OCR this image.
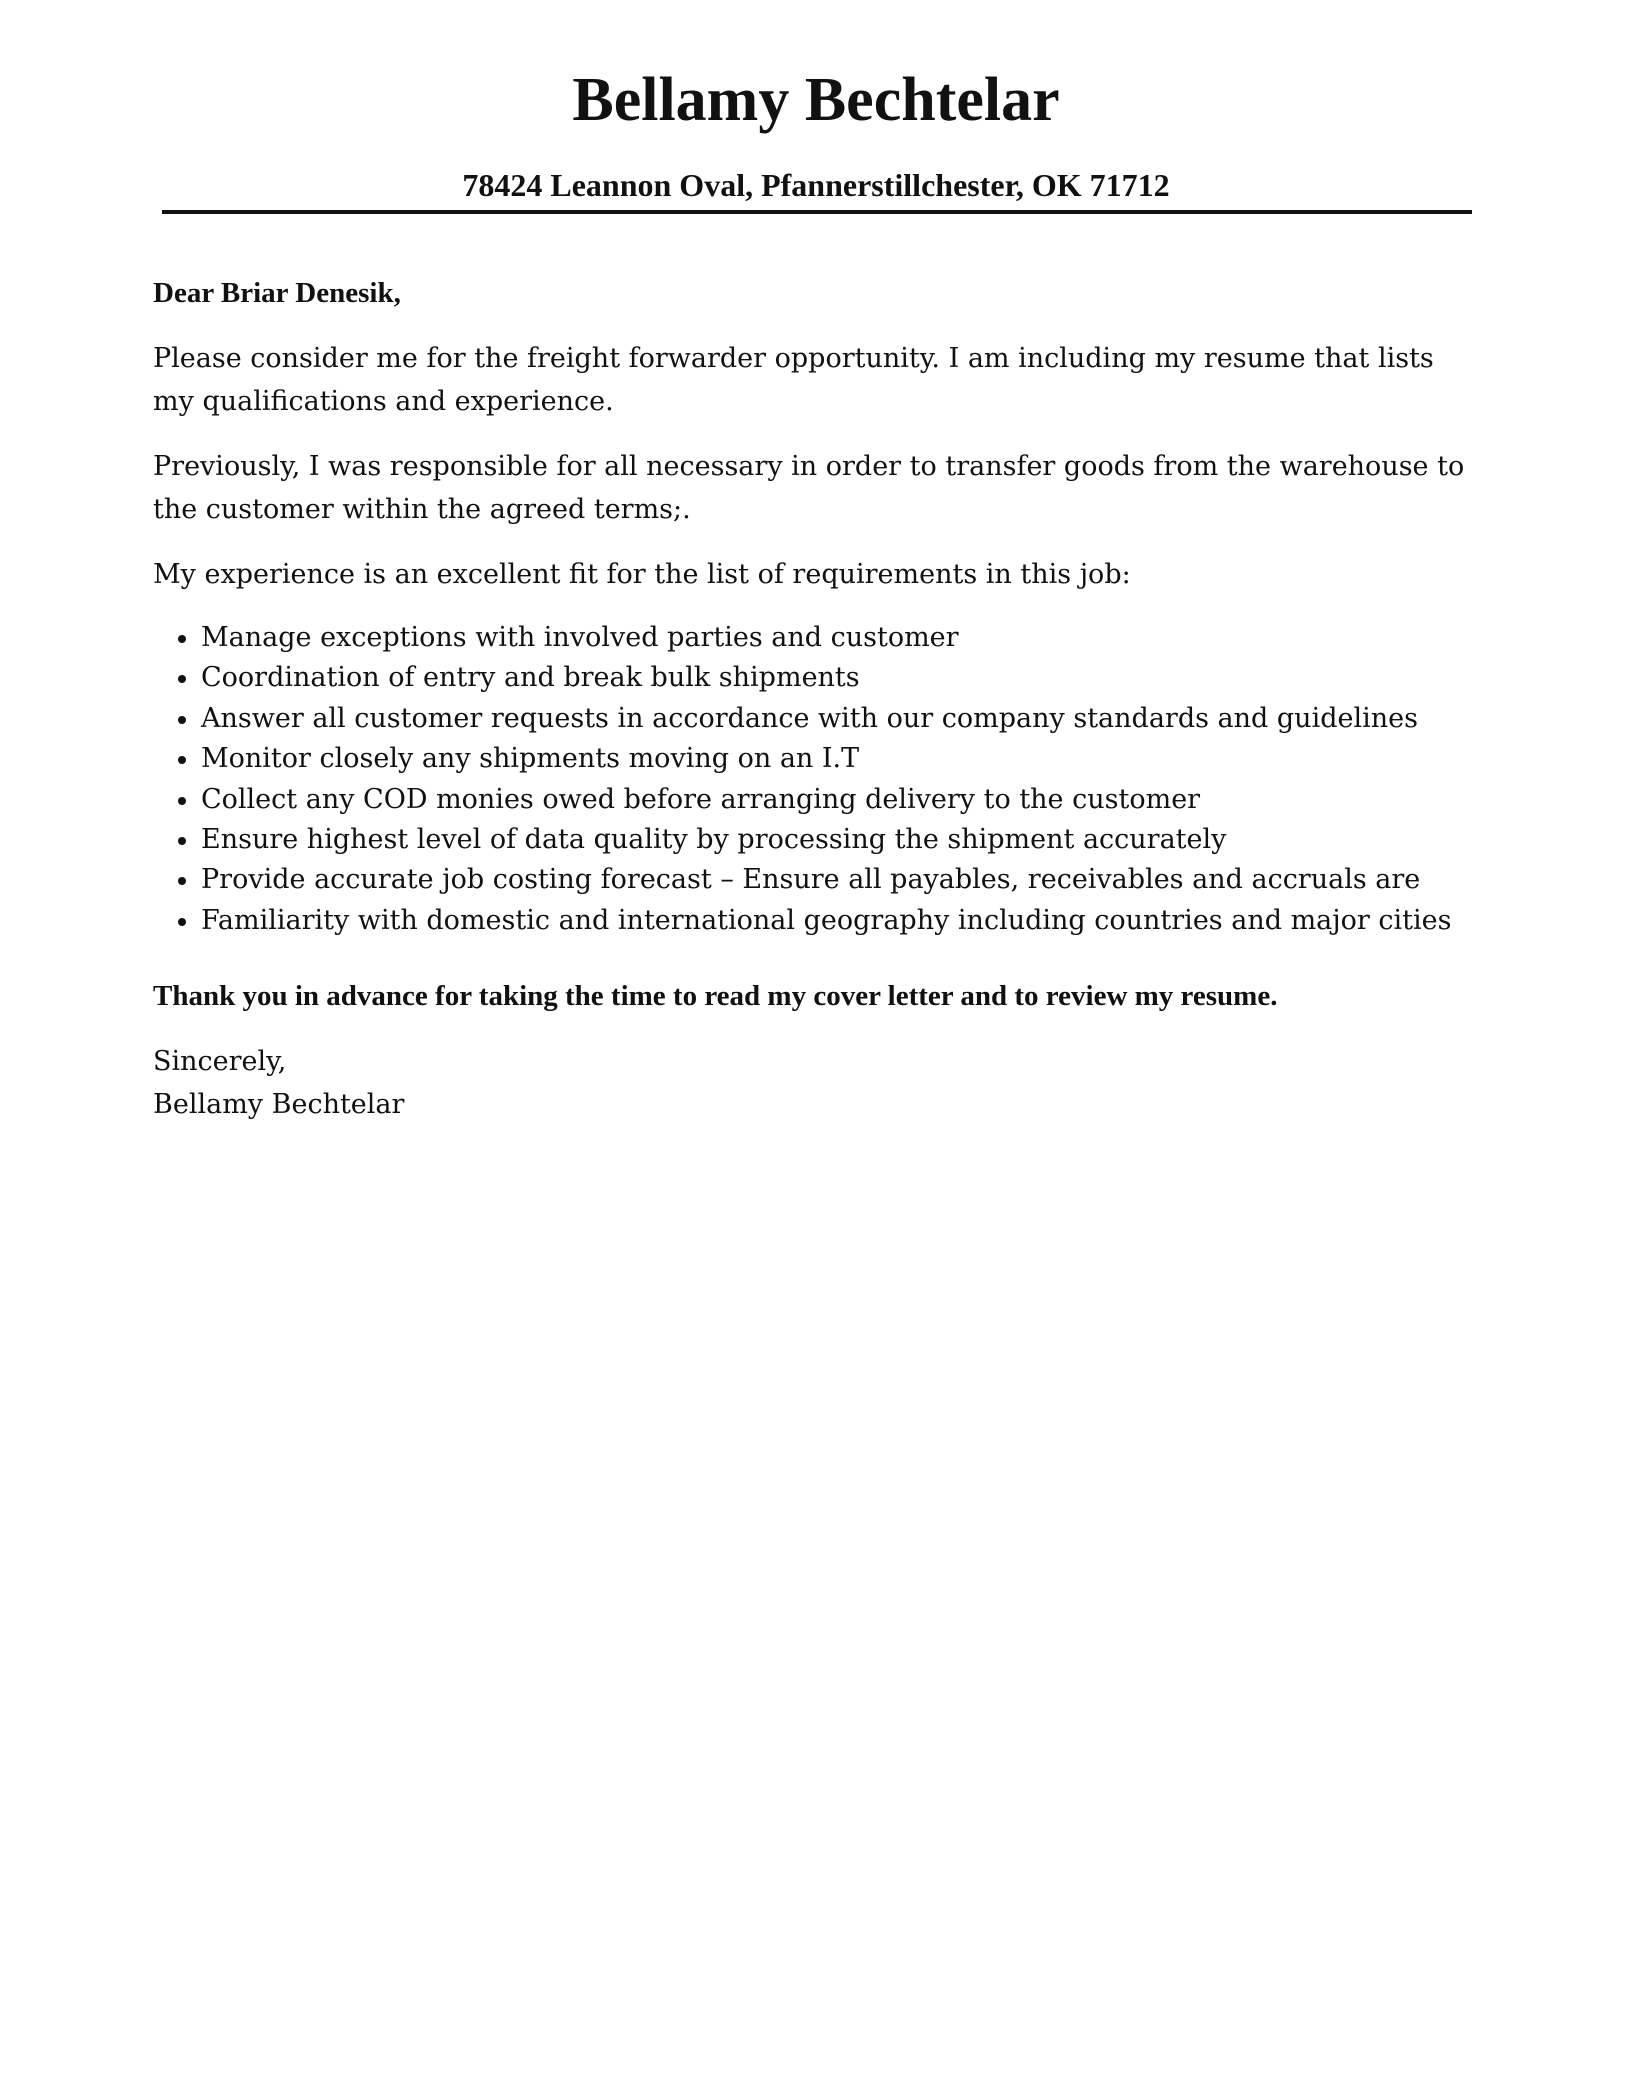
Bellamy Bechtelar

78424 Leannon Oval, Pfannerstillchester, OK 71712

Dear Briar Denesik,

Please consider me for the freight forwarder opportunity. I am including my resume that lists my qualifications and experience.

Previously, I was responsible for all necessary in order to transfer goods from the warehouse to the customer within the agreed terms;.

My experience is an excellent fit for the list of requirements in this job:

Manage exceptions with involved parties and customer
Coordination of entry and break bulk shipments
Answer all customer requests in accordance with our company standards and guidelines
Monitor closely any shipments moving on an I.T
Collect any COD monies owed before arranging delivery to the customer
Ensure highest level of data quality by processing the shipment accurately
Provide accurate job costing forecast – Ensure all payables, receivables and accruals are
Familiarity with domestic and international geography including countries and major cities

Thank you in advance for taking the time to read my cover letter and to review my resume.

Sincerely,

Bellamy Bechtelar
